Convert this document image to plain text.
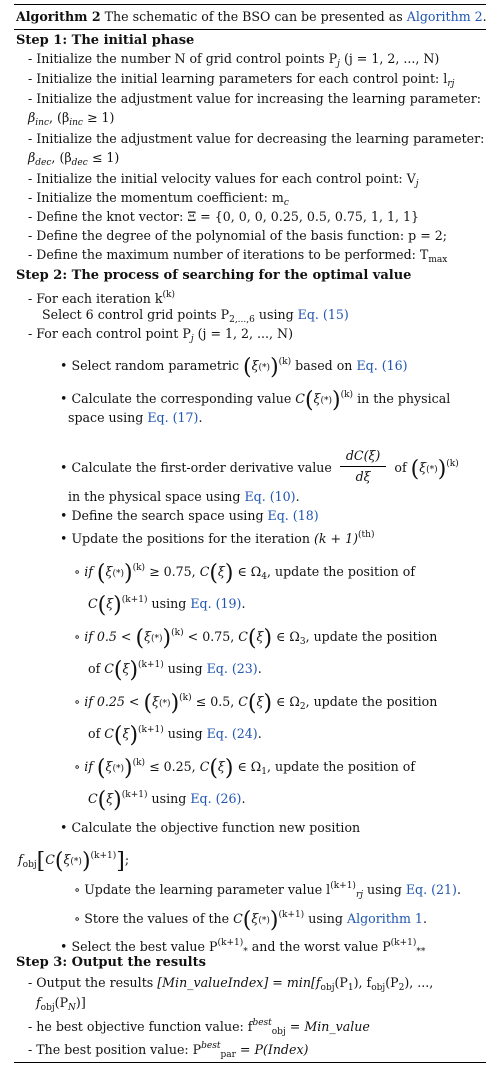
Algorithm 2 The schematic of the BSO can be presented as Algorithm 2.
Step 1: The initial phase
- Initialize the number N of grid control points $P_j$ (j = 1, 2, ..., N)
- Initialize the initial learning parameters for each control point: $l_{rj}$
- Initialize the adjustment value for increasing the learning parameter:
$\beta_{inc}$, $(\beta_{inc} \ge 1)$
- Initialize the adjustment value for decreasing the learning parameter:
$\beta_{dec}$, $(\beta_{dec} \le 1)$
- Initialize the initial velocity values for each control point: $V_j$
- Initialize the momentum coefficient: $m_c$
- Define the knot vector: Ξ = {0, 0, 0, 0.25, 0.5, 0.75, 1, 1, 1}
- Define the degree of the polynomial of the basis function: p = 2;
- Define the maximum number of iterations to be performed: $T_{max}$
Step 2: The process of searching for the optimal value
- For each iteration $k^{(k)}$
Select 6 control grid points $P_{2,...,6}$ using Eq. (15)
- For each control point $P_j$ (j = 1, 2, ..., N)
• Select random parametric $(\xi(*))^{(k)}$ based on Eq. (16)
• Calculate the corresponding value $C(\xi(*))^{(k)}$ in the physical
space using Eq. (17).
• Calculate the first-order derivative value $\frac{dC(\xi)}{d\xi}$ of $(\xi(*))^{(k)}$
in the physical space using Eq. (10).
• Define the search space using Eq. (18)
• Update the positions for the iteration $(k + 1)^{(th)}$
∘ if $(\xi(*))^{(k)} \ge 0.75$, C(ξ) ∈ $\Omega_4$, update the position of
$C(\xi)^{(k+1)}$ using Eq. (19).
∘ if $0.5 < (\xi(*))^{(k)} < 0.75$, C(ξ) ∈ $\Omega_3$, update the position
of $C(\xi)^{(k+1)}$ using Eq. (23).
∘ if $0.25 < (\xi(*))^{(k)} \le 0.5$, C(ξ) ∈ $\Omega_2$, update the position
of $C(\xi)^{(k+1)}$ using Eq. (24).
∘ if $(\xi(*))^{(k)} \le 0.25$, C(ξ) ∈ $\Omega_1$, update the position of
$C(\xi)^{(k+1)}$ using Eq. (26).
• Calculate the objective function new position
$f_{obj}[C(\xi(*))^{(k+1)}]$;
∘ Update the learning parameter value $l^{(k+1)}_{rj}$ using Eq. (21).
∘ Store the values of the $C(\xi(*))^{(k+1)}$ using Algorithm 1.
• Select the best value $P^{(k+1)}_*$ and the worst value $P^{(k+1)}_{**}$
Step 3: Output the results
- Output the results [Min_valueIndex] = $\min[f_{obj}(P_1)$, $f_{obj}(P_2)$, ...,
$f_{obj}(P_N)$]
- he best objective function value: $f^{best}_{obj}$ = Min_value
- The best position value: $P^{best}_{par}$ = P(Index)
